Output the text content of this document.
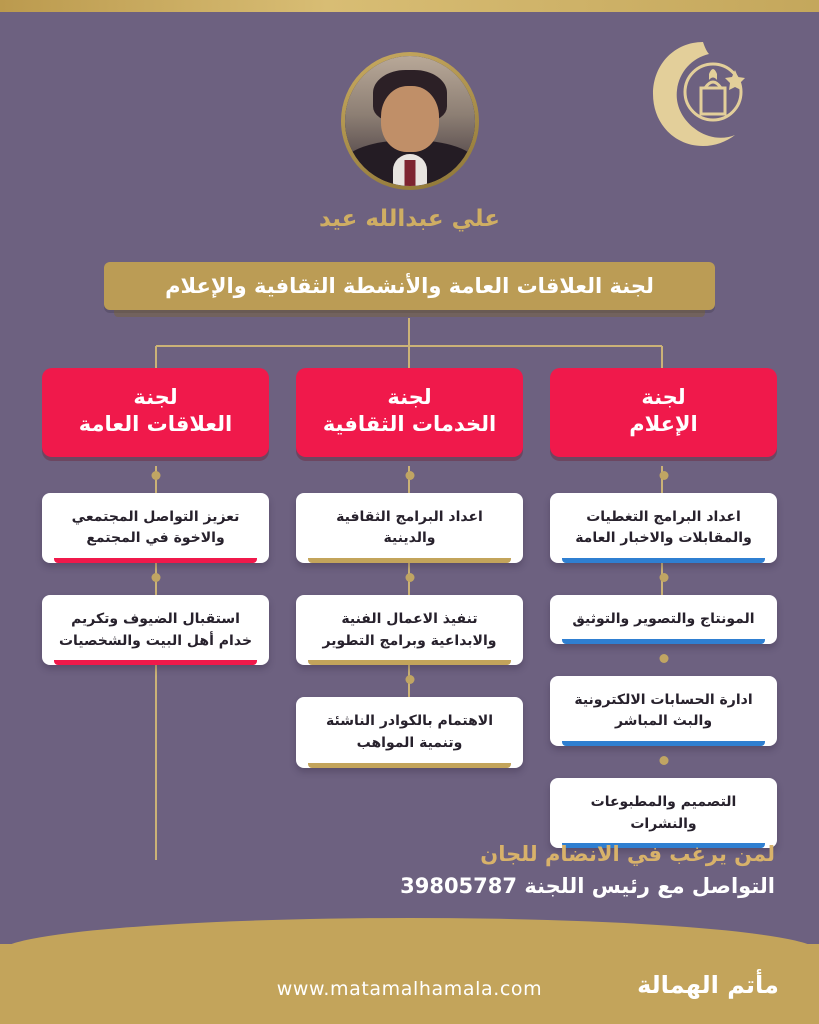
علي عبدالله عيد
لجنة العلاقات العامة والأنشطة الثقافية والإعلام
لجنة
الإعلام
اعداد البرامج التغطيات والمقابلات والاخبار العامة
المونتاج والتصوير والتوثيق
ادارة الحسابات الالكترونية والبث المباشر
التصميم والمطبوعات والنشرات
لجنة
الخدمات الثقافية
اعداد البرامج الثقافية والدينية
تنفيذ الاعمال الفنية والابداعية وبرامج التطوير
الاهتمام بالكوادر الناشئة وتنمية المواهب
لجنة
العلاقات العامة
تعزيز التواصل المجتمعي والاخوة في المجتمع
استقبال الضيوف وتكريم خدام أهل البيت والشخصيات
لمن يرغب في الانضام للجان
التواصل مع رئيس اللجنة 39805787
www.matamalhamala.com	مأتم الهمالة
